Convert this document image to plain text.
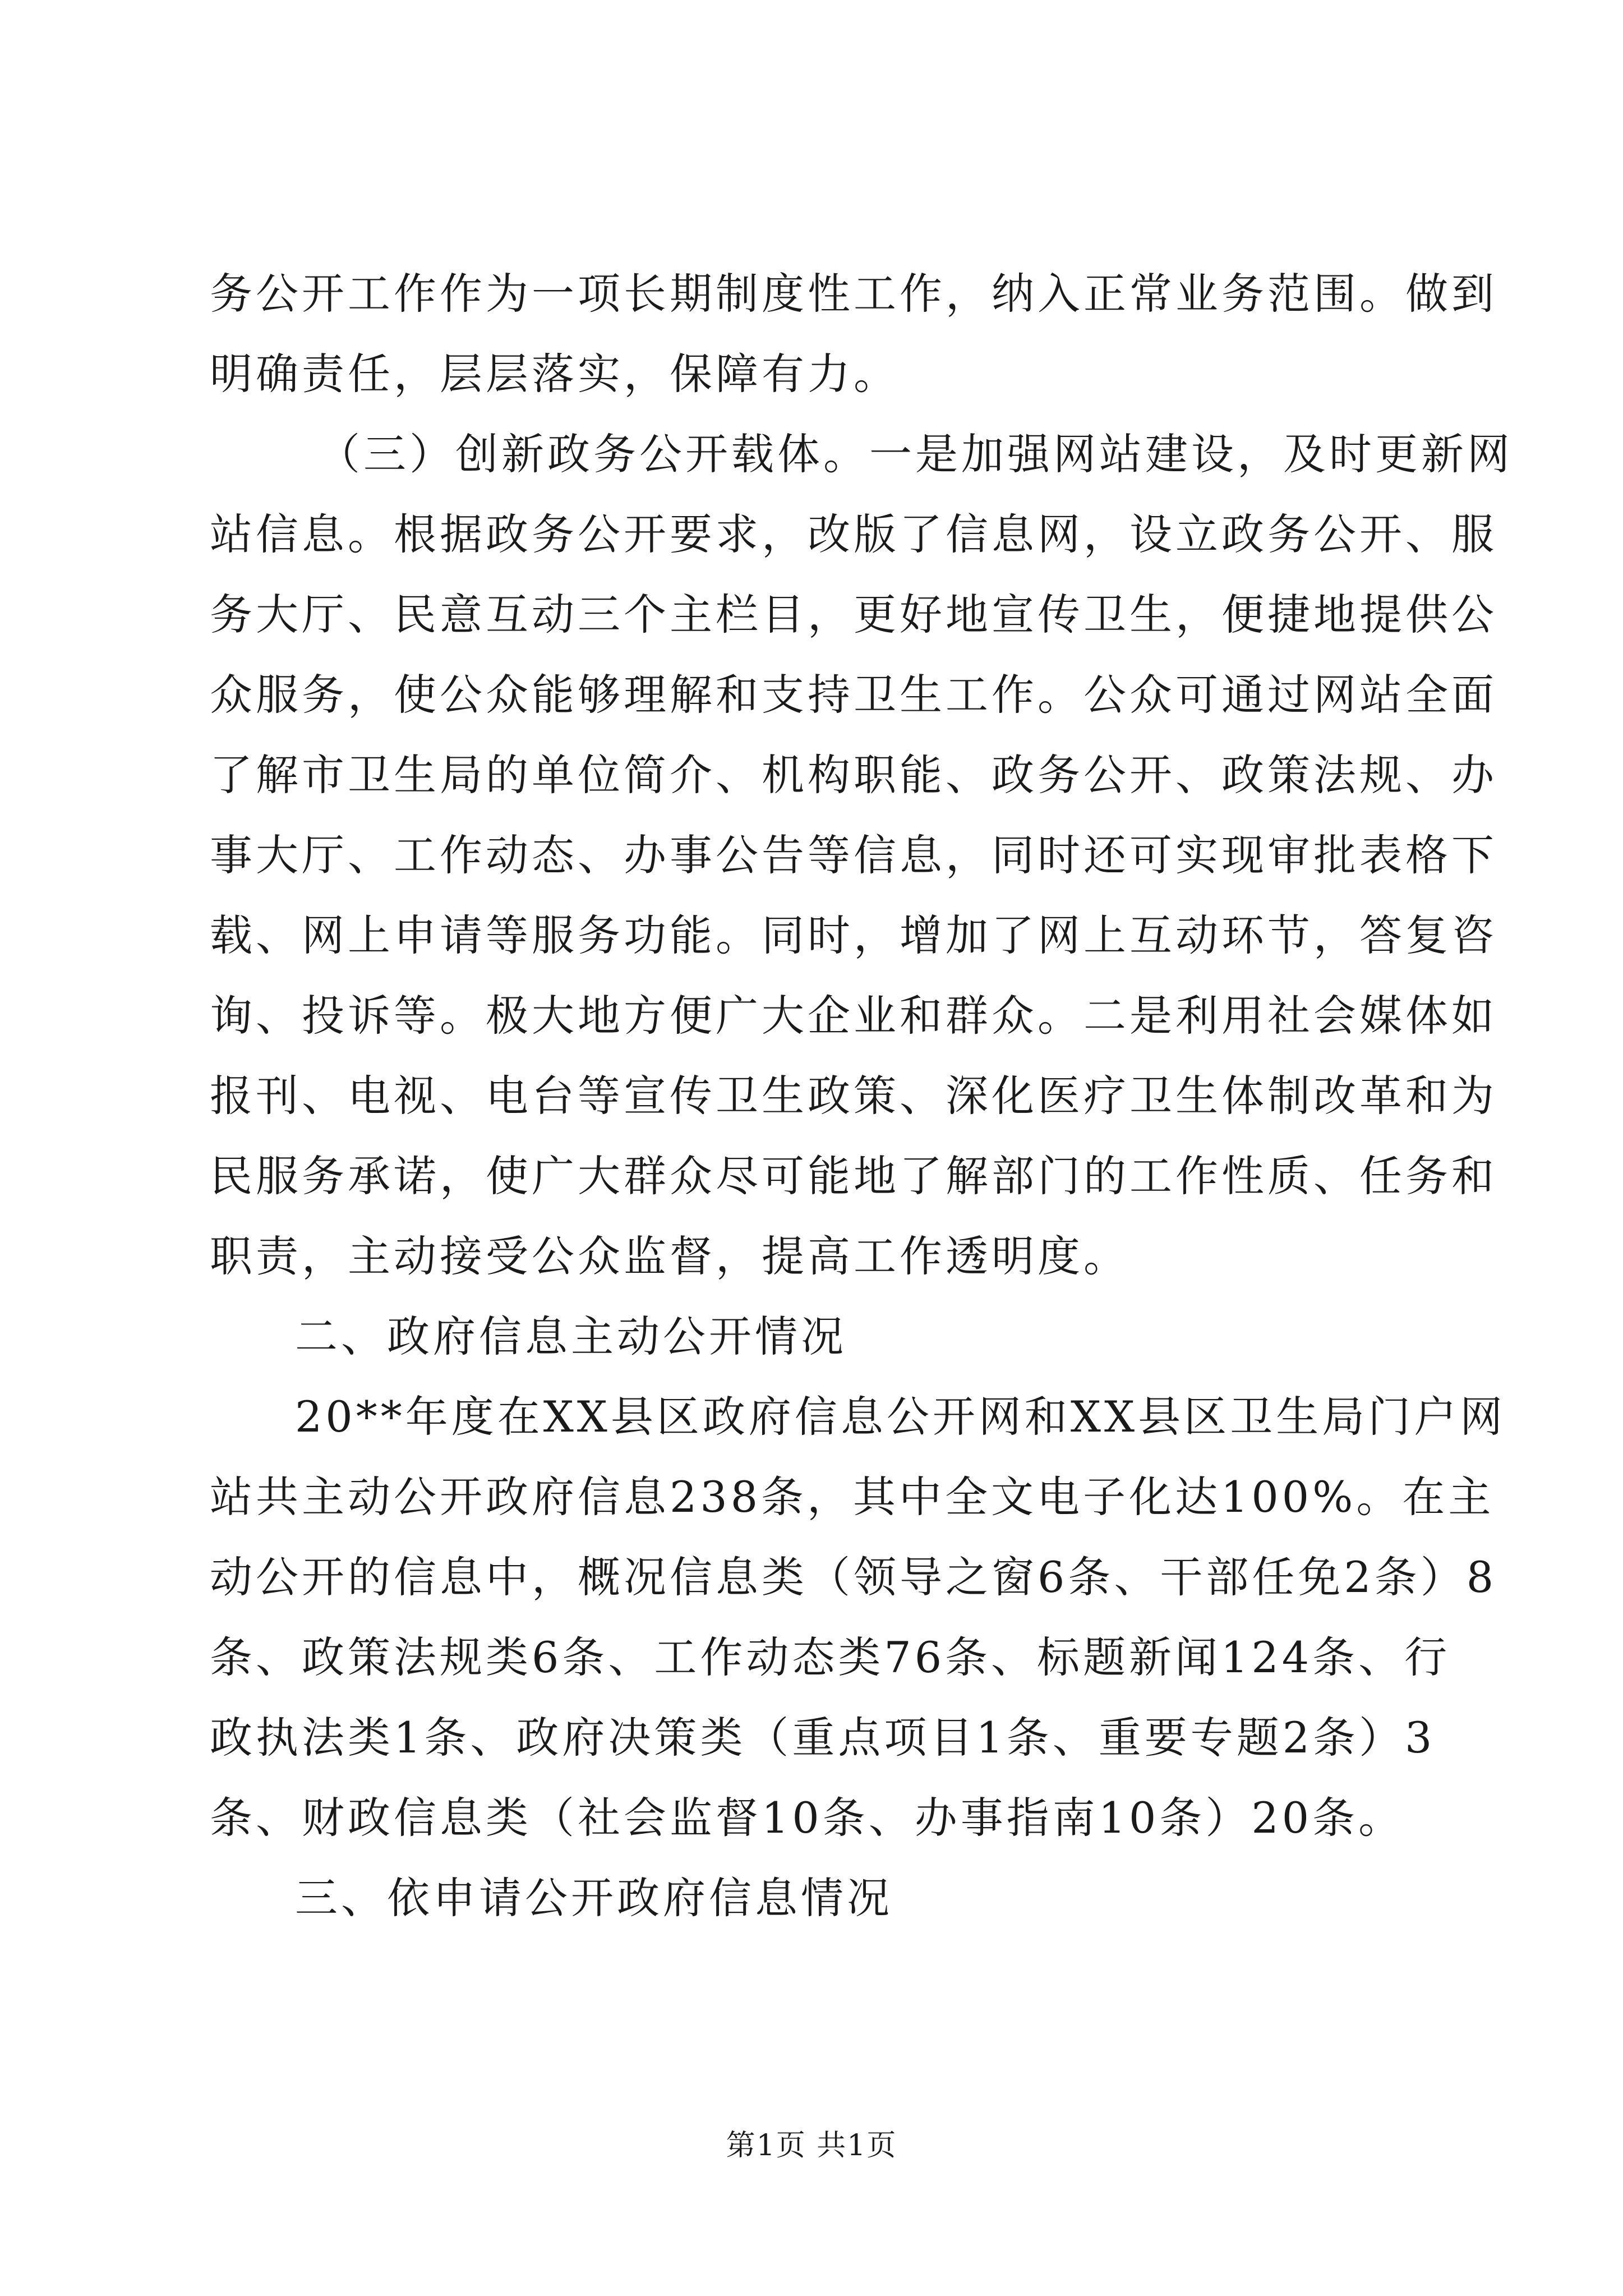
务公开工作作为一项长期制度性工作，纳入正常业务范围。做到
明确责任，层层落实，保障有力。
（三）创新政务公开载体。一是加强网站建设，及时更新网
站信息。根据政务公开要求，改版了信息网，设立政务公开、服
务大厅、民意互动三个主栏目，更好地宣传卫生，便捷地提供公
众服务，使公众能够理解和支持卫生工作。公众可通过网站全面
了解市卫生局的单位简介、机构职能、政务公开、政策法规、办
事大厅、工作动态、办事公告等信息，同时还可实现审批表格下
载、网上申请等服务功能。同时，增加了网上互动环节，答复咨
询、投诉等。极大地方便广大企业和群众。二是利用社会媒体如
报刊、电视、电台等宣传卫生政策、深化医疗卫生体制改革和为
民服务承诺，使广大群众尽可能地了解部门的工作性质、任务和
职责，主动接受公众监督，提高工作透明度。
二、政府信息主动公开情况
20**年度在XX县区政府信息公开网和XX县区卫生局门户网
站共主动公开政府信息238条，其中全文电子化达100%。在主
动公开的信息中，概况信息类（领导之窗6条、干部任免2条）8
条、政策法规类6条、工作动态类76条、标题新闻124条、行
政执法类1条、政府决策类（重点项目1条、重要专题2条）3
条、财政信息类（社会监督10条、办事指南10条）20条。
三、依申请公开政府信息情况
第1页 共1页
